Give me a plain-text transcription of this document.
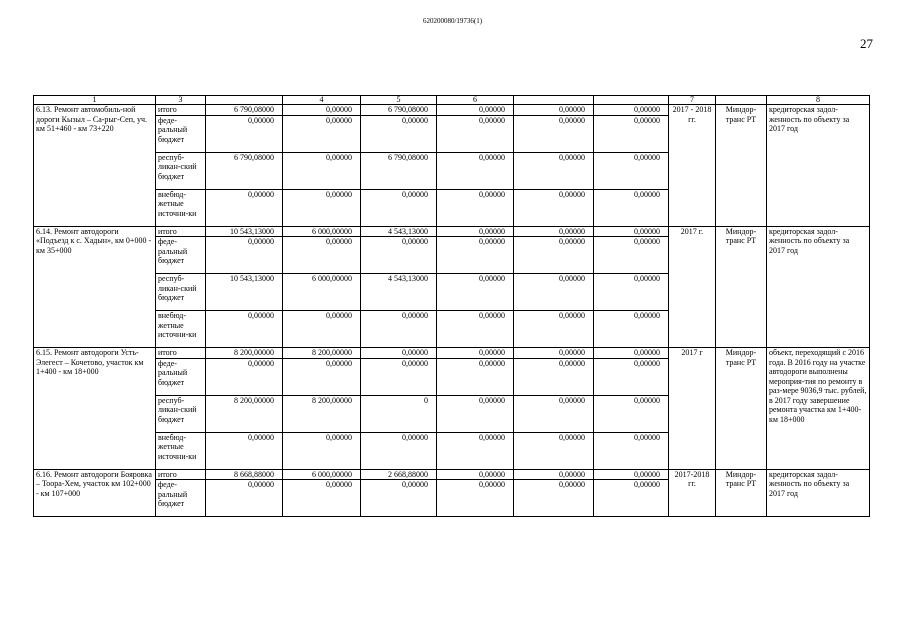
620200080/19736(1)
27
1	3		4	5	6			7		8
6.13. Ремонт автомобиль-ной дороги Кызыл – Са-рыг-Сеп, уч. км 51+460 - км 73+220	итого	6 790,08000	0,00000	6 790,08000	0,00000	0,00000	0,00000	2017 - 2018 гг.	Миндор-транс РТ	кредиторская задол-женность по объекту за 2017 год
	феде-ральный бюджет	0,00000	0,00000	0,00000	0,00000	0,00000	0,00000			
	респуб-ликан-ский бюджет	6 790,08000	0,00000	6 790,08000	0,00000	0,00000	0,00000			
	внебюд-жетные источни-ки	0,00000	0,00000	0,00000	0,00000	0,00000	0,00000			
6.14. Ремонт автодороги «Подъезд к с. Хадын», км 0+000 - км 35+000	итого	10 543,13000	6 000,00000	4 543,13000	0,00000	0,00000	0,00000	2017 г.	Миндор-транс РТ	кредиторская задол-женность по объекту за 2017 год
	феде-ральный бюджет	0,00000	0,00000	0,00000	0,00000	0,00000	0,00000			
	респуб-ликан-ский бюджет	10 543,13000	6 000,00000	4 543,13000	0,00000	0,00000	0,00000			
	внебюд-жетные источни-ки	0,00000	0,00000	0,00000	0,00000	0,00000	0,00000			
6.15. Ремонт автодороги Усть-Элегест – Кочетово, участок км 1+400 - км 18+000	итого	8 200,00000	8 200,00000	0,00000	0,00000	0,00000	0,00000	2017 г	Миндор-транс РТ	объект, переходящий с 2016 года. В 2016 году на участке автодороги выполнены мероприя-тия по ремонту в раз-мере 9036,9 тыс. рублей, в 2017 году завершение ремонта участка км 1+400- км 18+000
	феде-ральный бюджет	0,00000	0,00000	0,00000	0,00000	0,00000	0,00000			
	респуб-ликан-ский бюджет	8 200,00000	8 200,00000	0	0,00000	0,00000	0,00000			
	внебюд-жетные источни-ки	0,00000	0,00000	0,00000	0,00000	0,00000	0,00000			
6.16. Ремонт автодороги Бояровка – Тоора-Хем, участок км 102+000 - км 107+000	итого	8 668,88000	6 000,00000	2 668,88000	0,00000	0,00000	0,00000	2017-2018 гг.	Миндор-транс РТ	кредиторская задол-женность по объекту за 2017 год
	феде-ральный бюджет	0,00000	0,00000	0,00000	0,00000	0,00000	0,00000			
